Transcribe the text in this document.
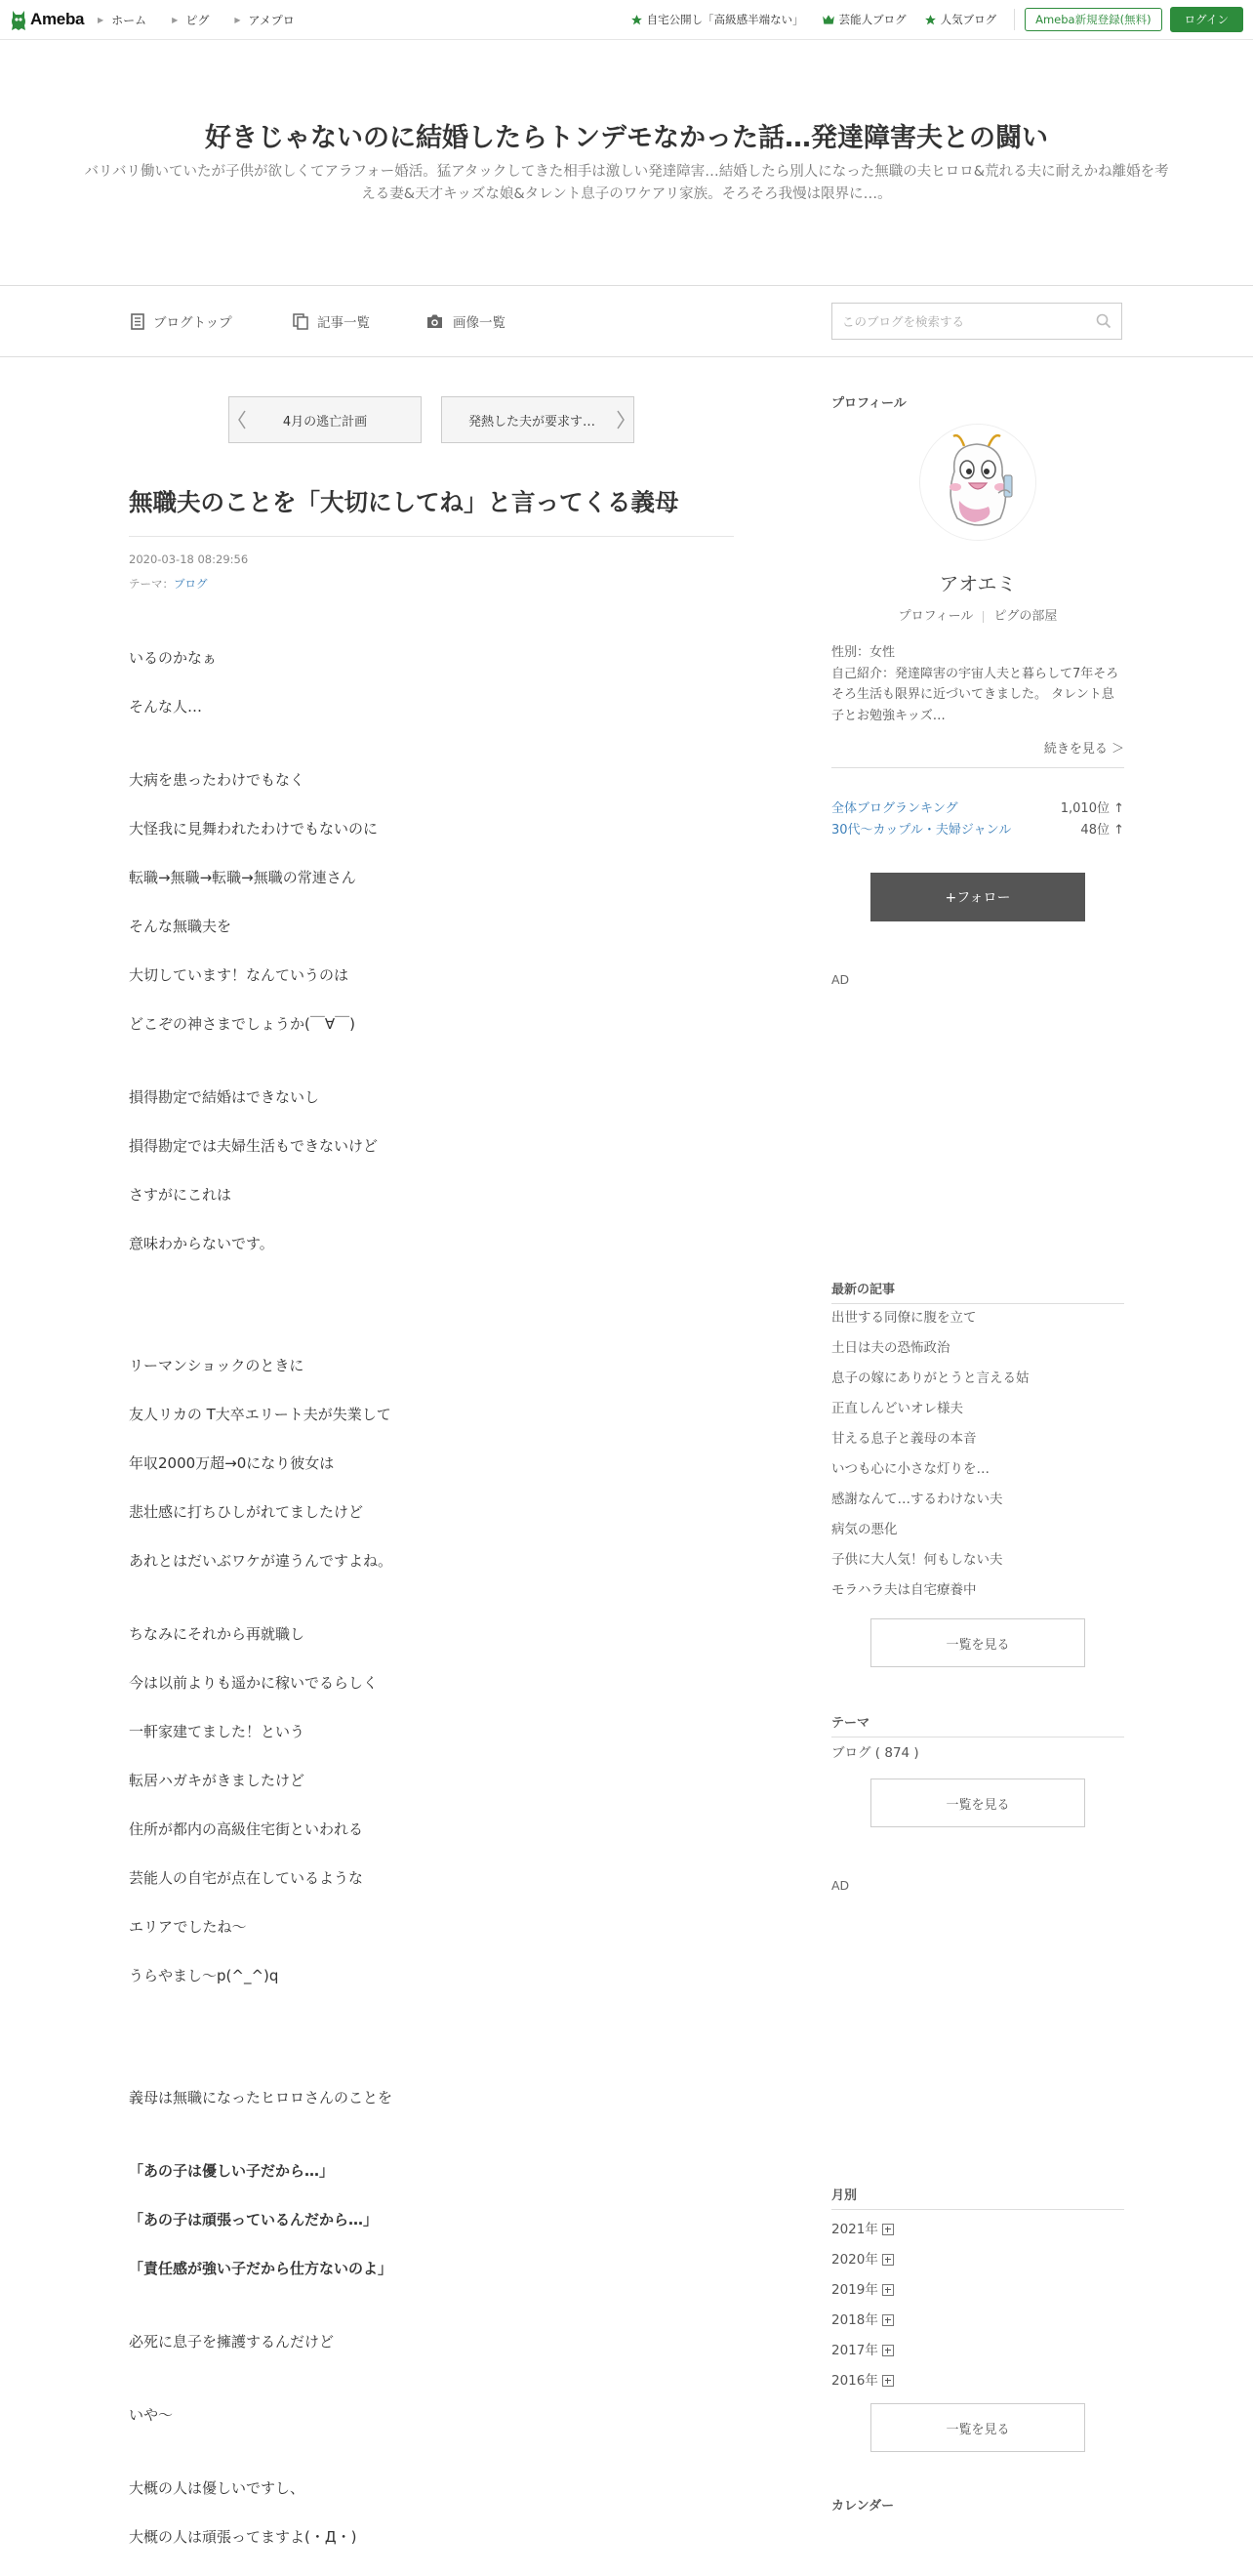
Ameba ▶ ホーム	▶ ピグ	▶ アメプロ	自宅公開し「高級感半端ない」	芸能人ブログ	人気ブログ	Ameba新規登録(無料)	ログイン
好きじゃないのに結婚したらトンデモなかった話…発達障害夫との闘い

バリバリ働いていたが子供が欲しくてアラフォー婚活。猛アタックしてきた相手は激しい発達障害…結婚したら別人になった無職の夫ヒロロ&荒れる夫に耐えかね離婚を考える妻&天才キッズな娘&タレント息子のワケアリ家族。そろそろ我慢は限界に…。

ブログトップ	記事一覧	画像一覧
このブログを検索する
4月の逃亡計画	発熱した夫が要求す…
無職夫のことを「大切にしてね」と言ってくる義母
2020-03-18 08:29:56
テーマ：ブログ

いるのかなぁ

そんな人…

大病を患ったわけでもなく

大怪我に見舞われたわけでもないのに

転職→無職→転職→無職の常連さん

そんな無職夫を

大切しています！なんていうのは

どこぞの神さまでしょうか(￣∀￣)

損得勘定で結婚はできないし

損得勘定では夫婦生活もできないけど

さすがにこれは

意味わからないです。

リーマンショックのときに

友人リカの T大卒エリート夫が失業して

年収2000万超→0になり彼女は

悲壮感に打ちひしがれてましたけど

あれとはだいぶワケが違うんですよね。

ちなみにそれから再就職し

今は以前よりも遥かに稼いでるらしく

一軒家建てました！という

転居ハガキがきましたけど

住所が都内の高級住宅街といわれる

芸能人の自宅が点在しているような

エリアでしたね〜

うらやまし〜p(^_^)q

義母は無職になったヒロロさんのことを

「あの子は優しい子だから…」

「あの子は頑張っているんだから…」

「責任感が強い子だから仕方ないのよ」

必死に息子を擁護するんだけど

いや〜

大概の人は優しいですし、

大概の人は頑張ってますよ(・Д・)

プロフィール
アオエミ
プロフィール ピグの部屋
性別：女性
自己紹介：発達障害の宇宙人夫と暮らして7年そろそろ生活も限界に近づいてきました。 タレント息子とお勉強キッズ…
続きを見る ＞
全体ブログランキング	1,010位 ↑
30代〜カップル・夫婦ジャンル	48位 ↑
+フォロー
AD
最新の記事
出世する同僚に腹を立て
土日は夫の恐怖政治
息子の嫁にありがとうと言える姑
正直しんどいオレ様夫
甘える息子と義母の本音
いつも心に小さな灯りを…
感謝なんて…するわけない夫
病気の悪化
子供に大人気！何もしない夫
モラハラ夫は自宅療養中
一覧を見る
テーマ
ブログ ( 874 )
一覧を見る
AD
月別
2021年
2020年
2019年
2018年
2017年
2016年
一覧を見る
カレンダー
